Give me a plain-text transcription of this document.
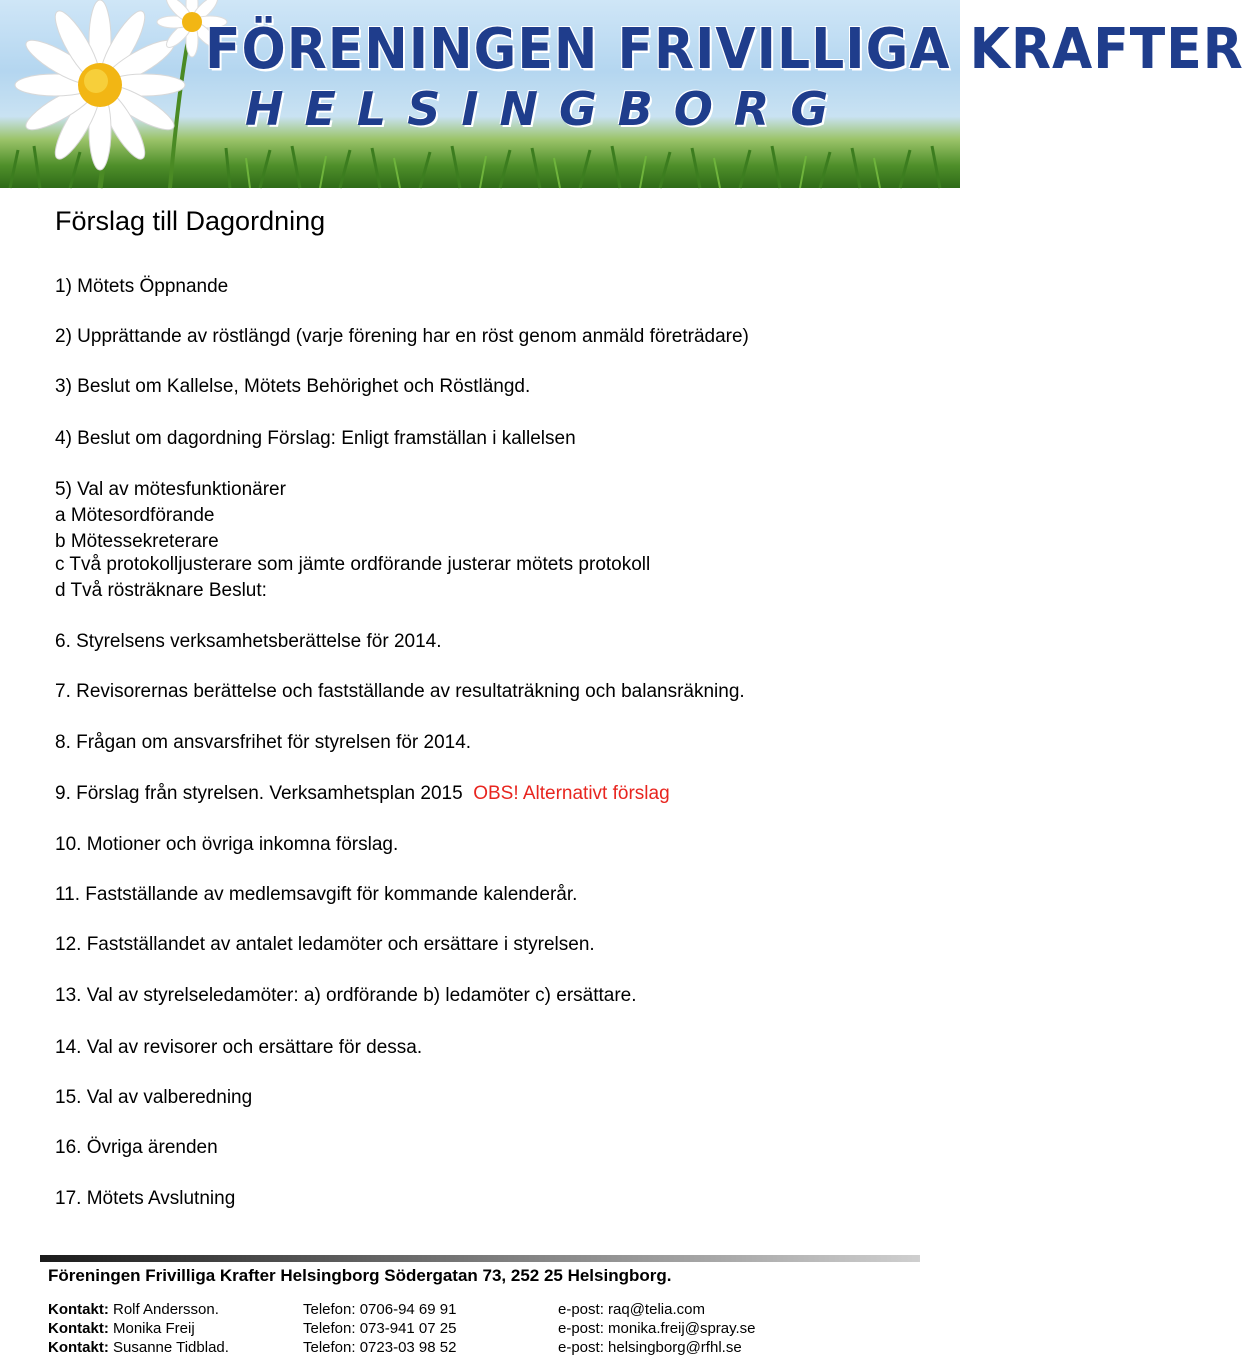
FÖRENINGEN FRIVILLIGA KRAFTER
HELSINGBORG
Förslag till Dagordning

1) Mötets Öppnande

2) Upprättande av röstlängd (varje förening har en röst genom anmäld företrädare)

3) Beslut om Kallelse, Mötets Behörighet och Röstlängd.

4) Beslut om dagordning Förslag: Enligt framställan i kallelsen

5) Val av mötesfunktionärer

a Mötesordförande

b Mötessekreterare

c Två protokolljusterare som jämte ordförande justerar mötets protokoll

d Två rösträknare Beslut:

6. Styrelsens verksamhetsberättelse för 2014.

7. Revisorernas berättelse och fastställande av resultaträkning och balansräkning.

8. Frågan om ansvarsfrihet för styrelsen för 2014.

9. Förslag från styrelsen. Verksamhetsplan 2015 OBS! Alternativt förslag

10. Motioner och övriga inkomna förslag.

11. Fastställande av medlemsavgift för kommande kalenderår.

12. Fastställandet av antalet ledamöter och ersättare i styrelsen.

13. Val av styrelseledamöter: a) ordförande b) ledamöter c) ersättare.

14. Val av revisorer och ersättare för dessa.

15. Val av valberedning

16. Övriga ärenden

17. Mötets Avslutning

Föreningen Frivilliga Krafter Helsingborg Södergatan 73, 252 25 Helsingborg.

Kontakt: Rolf Andersson.	Telefon: 0706-94 69 91	e-post: raq@telia.com
Kontakt: Monika Freij	Telefon: 073-941 07 25	e-post: monika.freij@spray.se
Kontakt: Susanne Tidblad.	Telefon: 0723-03 98 52	e-post: helsingborg@rfhl.se
